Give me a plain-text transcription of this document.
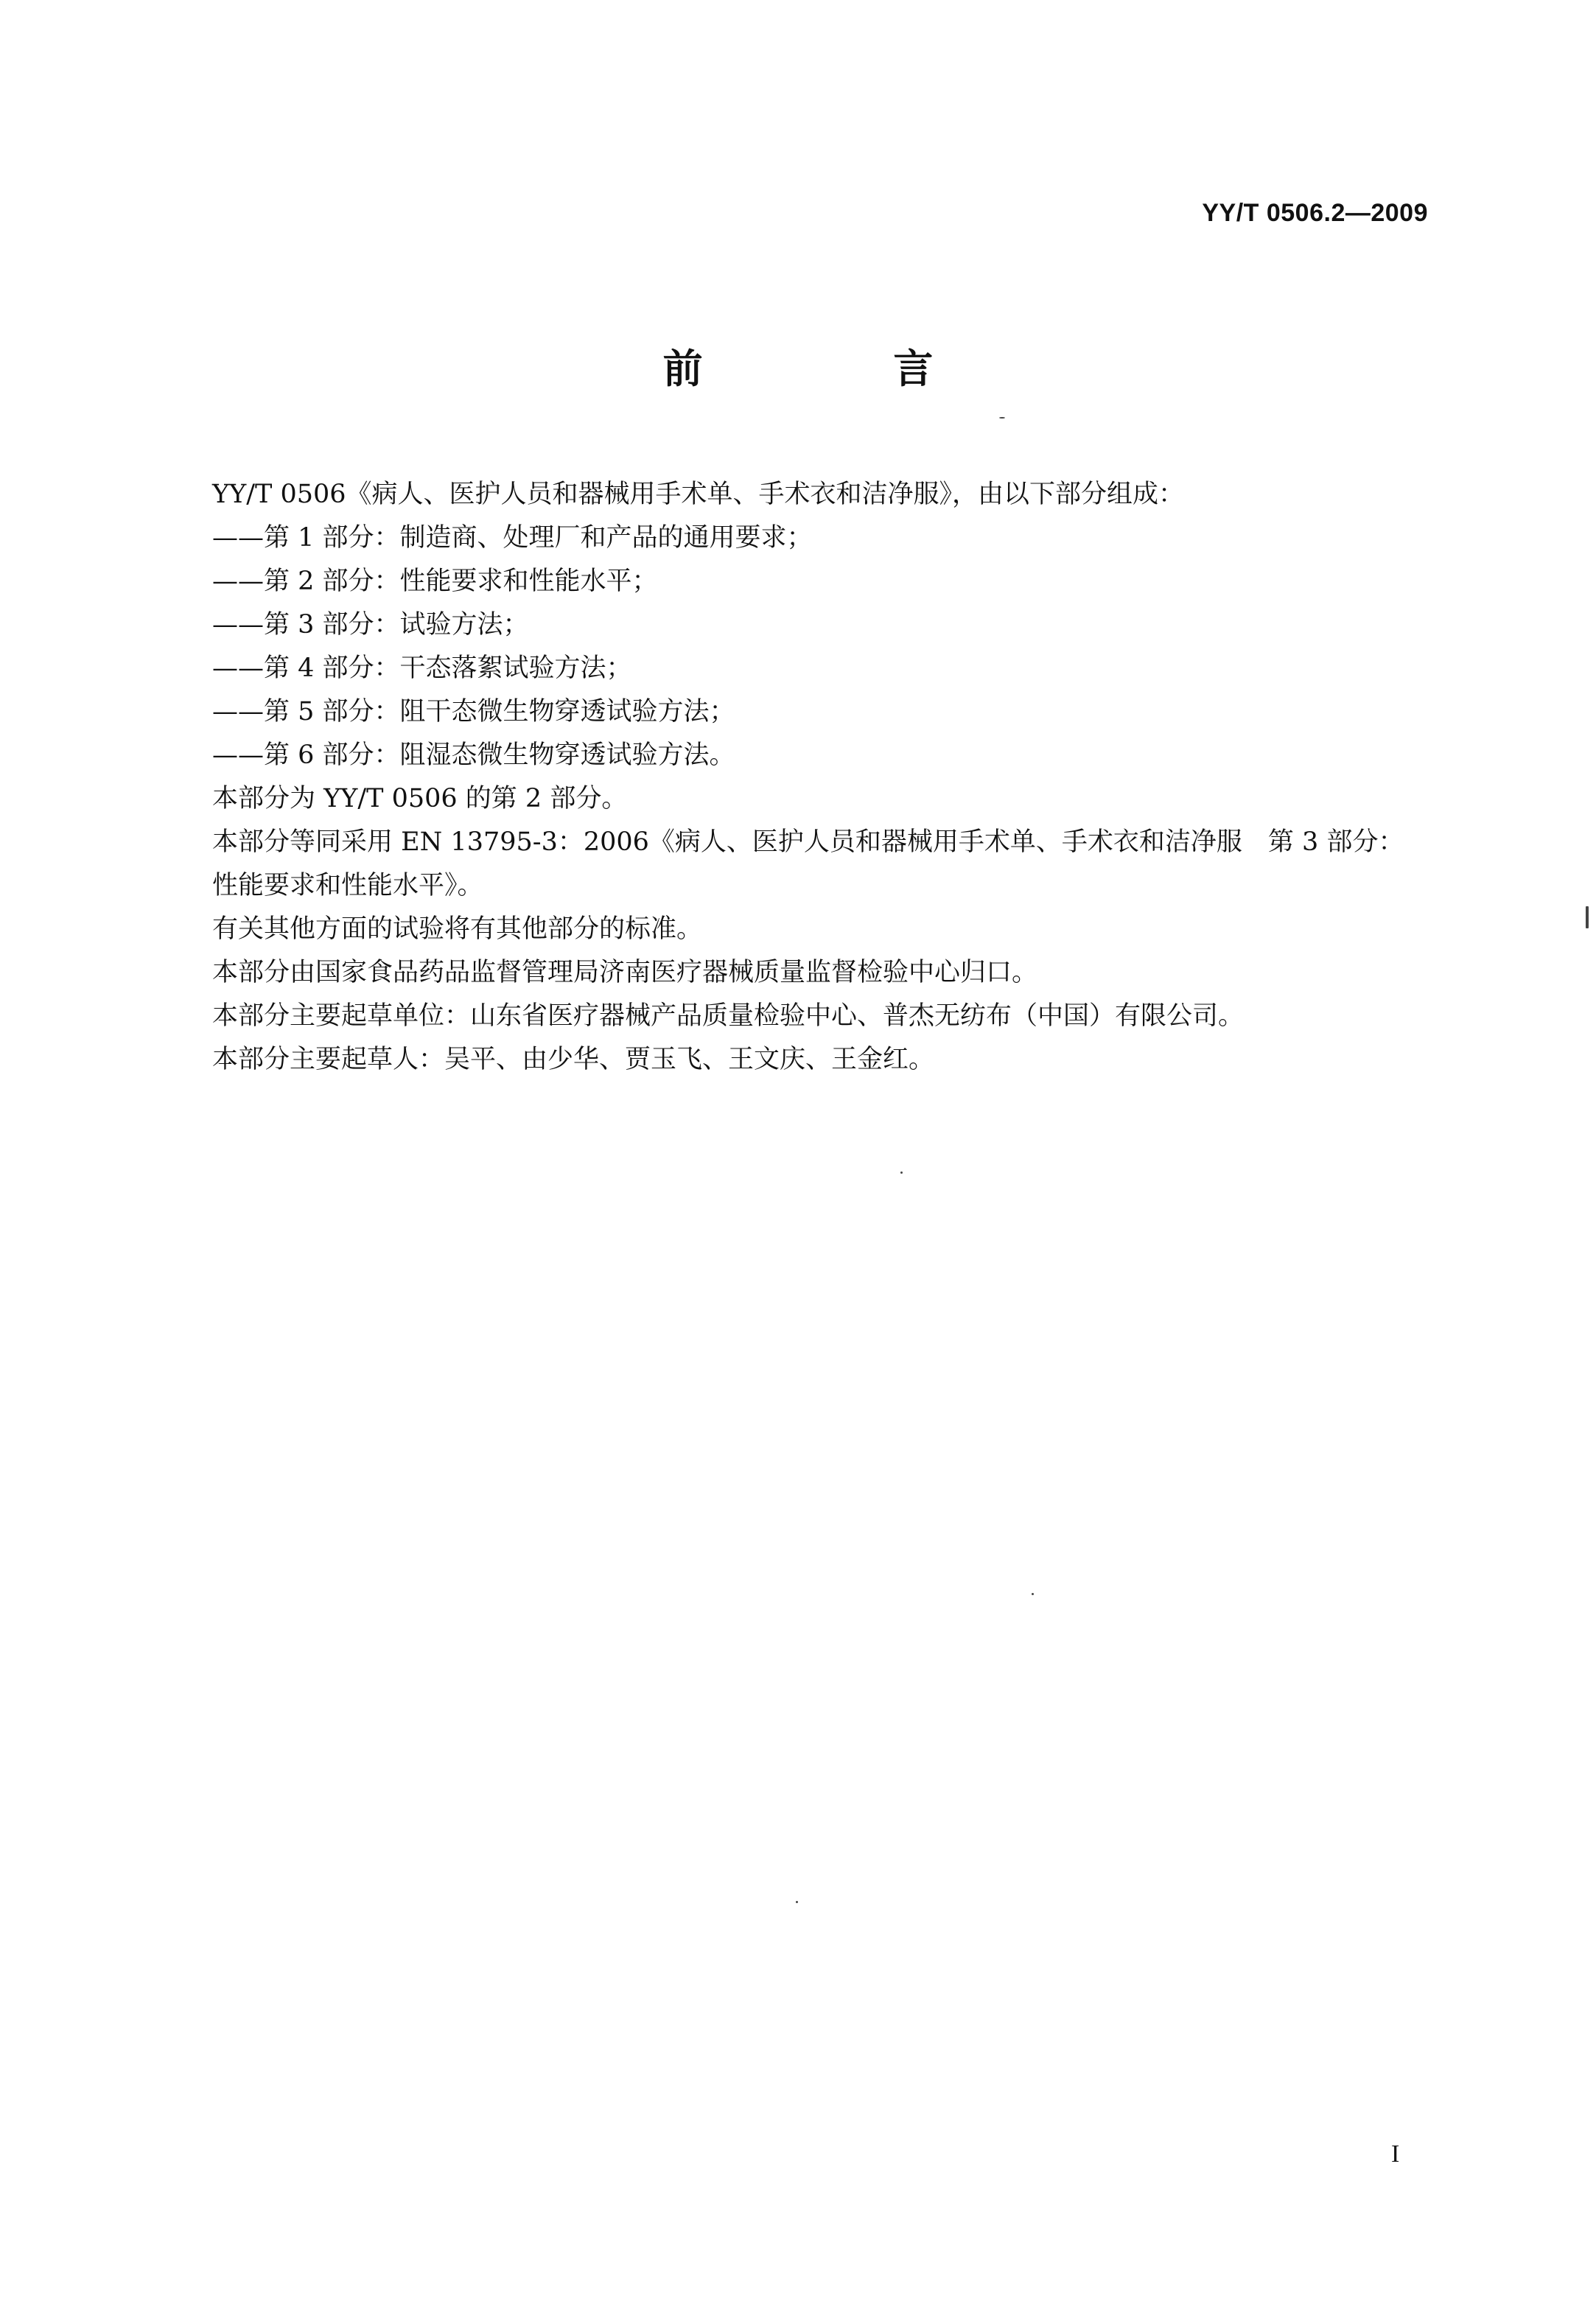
YY/T 0506.2—2009
前 言
YY/T 0506《病人、医护人员和器械用手术单、手术衣和洁净服》，由以下部分组成：
——第 1 部分：制造商、处理厂和产品的通用要求；
——第 2 部分：性能要求和性能水平；
——第 3 部分：试验方法；
——第 4 部分：干态落絮试验方法；
——第 5 部分：阻干态微生物穿透试验方法；
——第 6 部分：阻湿态微生物穿透试验方法。
本部分为 YY/T 0506 的第 2 部分。
本部分等同采用 EN 13795-3：2006《病人、医护人员和器械用手术单、手术衣和洁净服　第 3 部分：性能要求和性能水平》。
有关其他方面的试验将有其他部分的标准。
本部分由国家食品药品监督管理局济南医疗器械质量监督检验中心归口。
本部分主要起草单位：山东省医疗器械产品质量检验中心、普杰无纺布（中国）有限公司。
本部分主要起草人：吴平、由少华、贾玉飞、王文庆、王金红。
I
